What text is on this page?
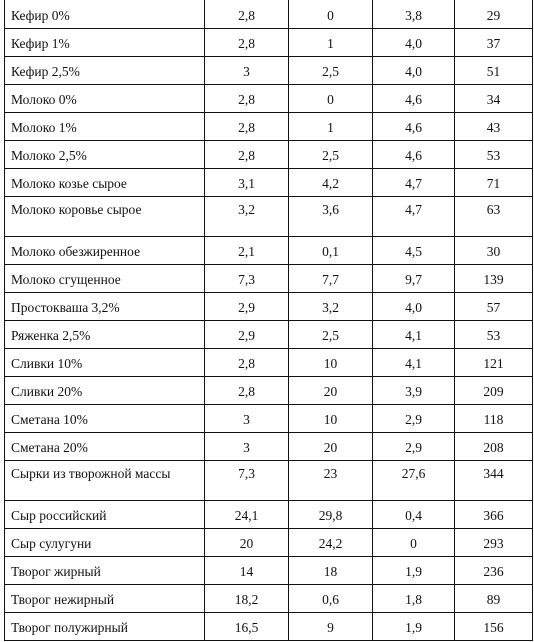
Кефир 0%	2,8	0	3,8	29
Кефир 1%	2,8	1	4,0	37
Кефир 2,5%	3	2,5	4,0	51
Молоко 0%	2,8	0	4,6	34
Молоко 1%	2,8	1	4,6	43
Молоко 2,5%	2,8	2,5	4,6	53
Молоко козье сырое	3,1	4,2	4,7	71
Молоко коровье сырое	3,2	3,6	4,7	63
Молоко обезжиренное	2,1	0,1	4,5	30
Молоко сгущенное	7,3	7,7	9,7	139
Простокваша 3,2%	2,9	3,2	4,0	57
Ряженка 2,5%	2,9	2,5	4,1	53
Сливки 10%	2,8	10	4,1	121
Сливки 20%	2,8	20	3,9	209
Сметана 10%	3	10	2,9	118
Сметана 20%	3	20	2,9	208
Сырки из творожной массы	7,3	23	27,6	344
Сыр российский	24,1	29,8	0,4	366
Сыр сулугуни	20	24,2	0	293
Творог жирный	14	18	1,9	236
Творог нежирный	18,2	0,6	1,8	89
Творог полужирный	16,5	9	1,9	156
